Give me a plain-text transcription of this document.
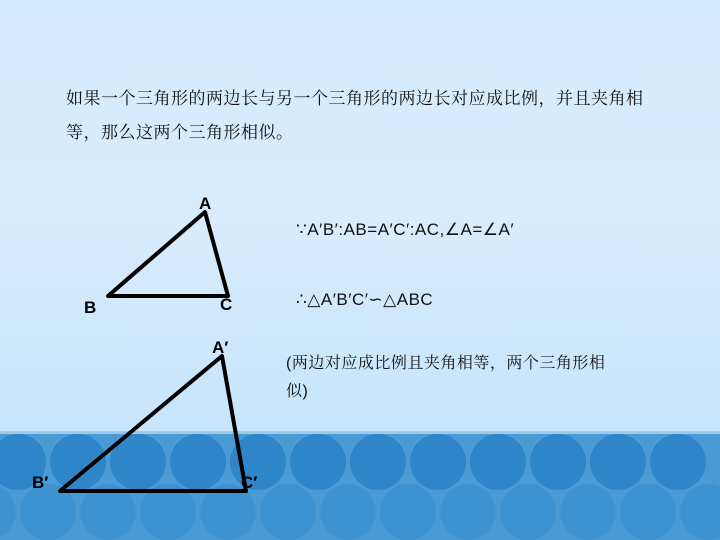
如果一个三角形的两边长与另一个三角形的两边长对应成比例，并且夹角相等，那么这两个三角形相似。
A
B	C
A′
B′	C′
∵A′B′:AB=A′C′:AC,∠A=∠A′
∴△A′B′C′∽△ABC
(两边对应成比例且夹角相等，两个三角形相似)
